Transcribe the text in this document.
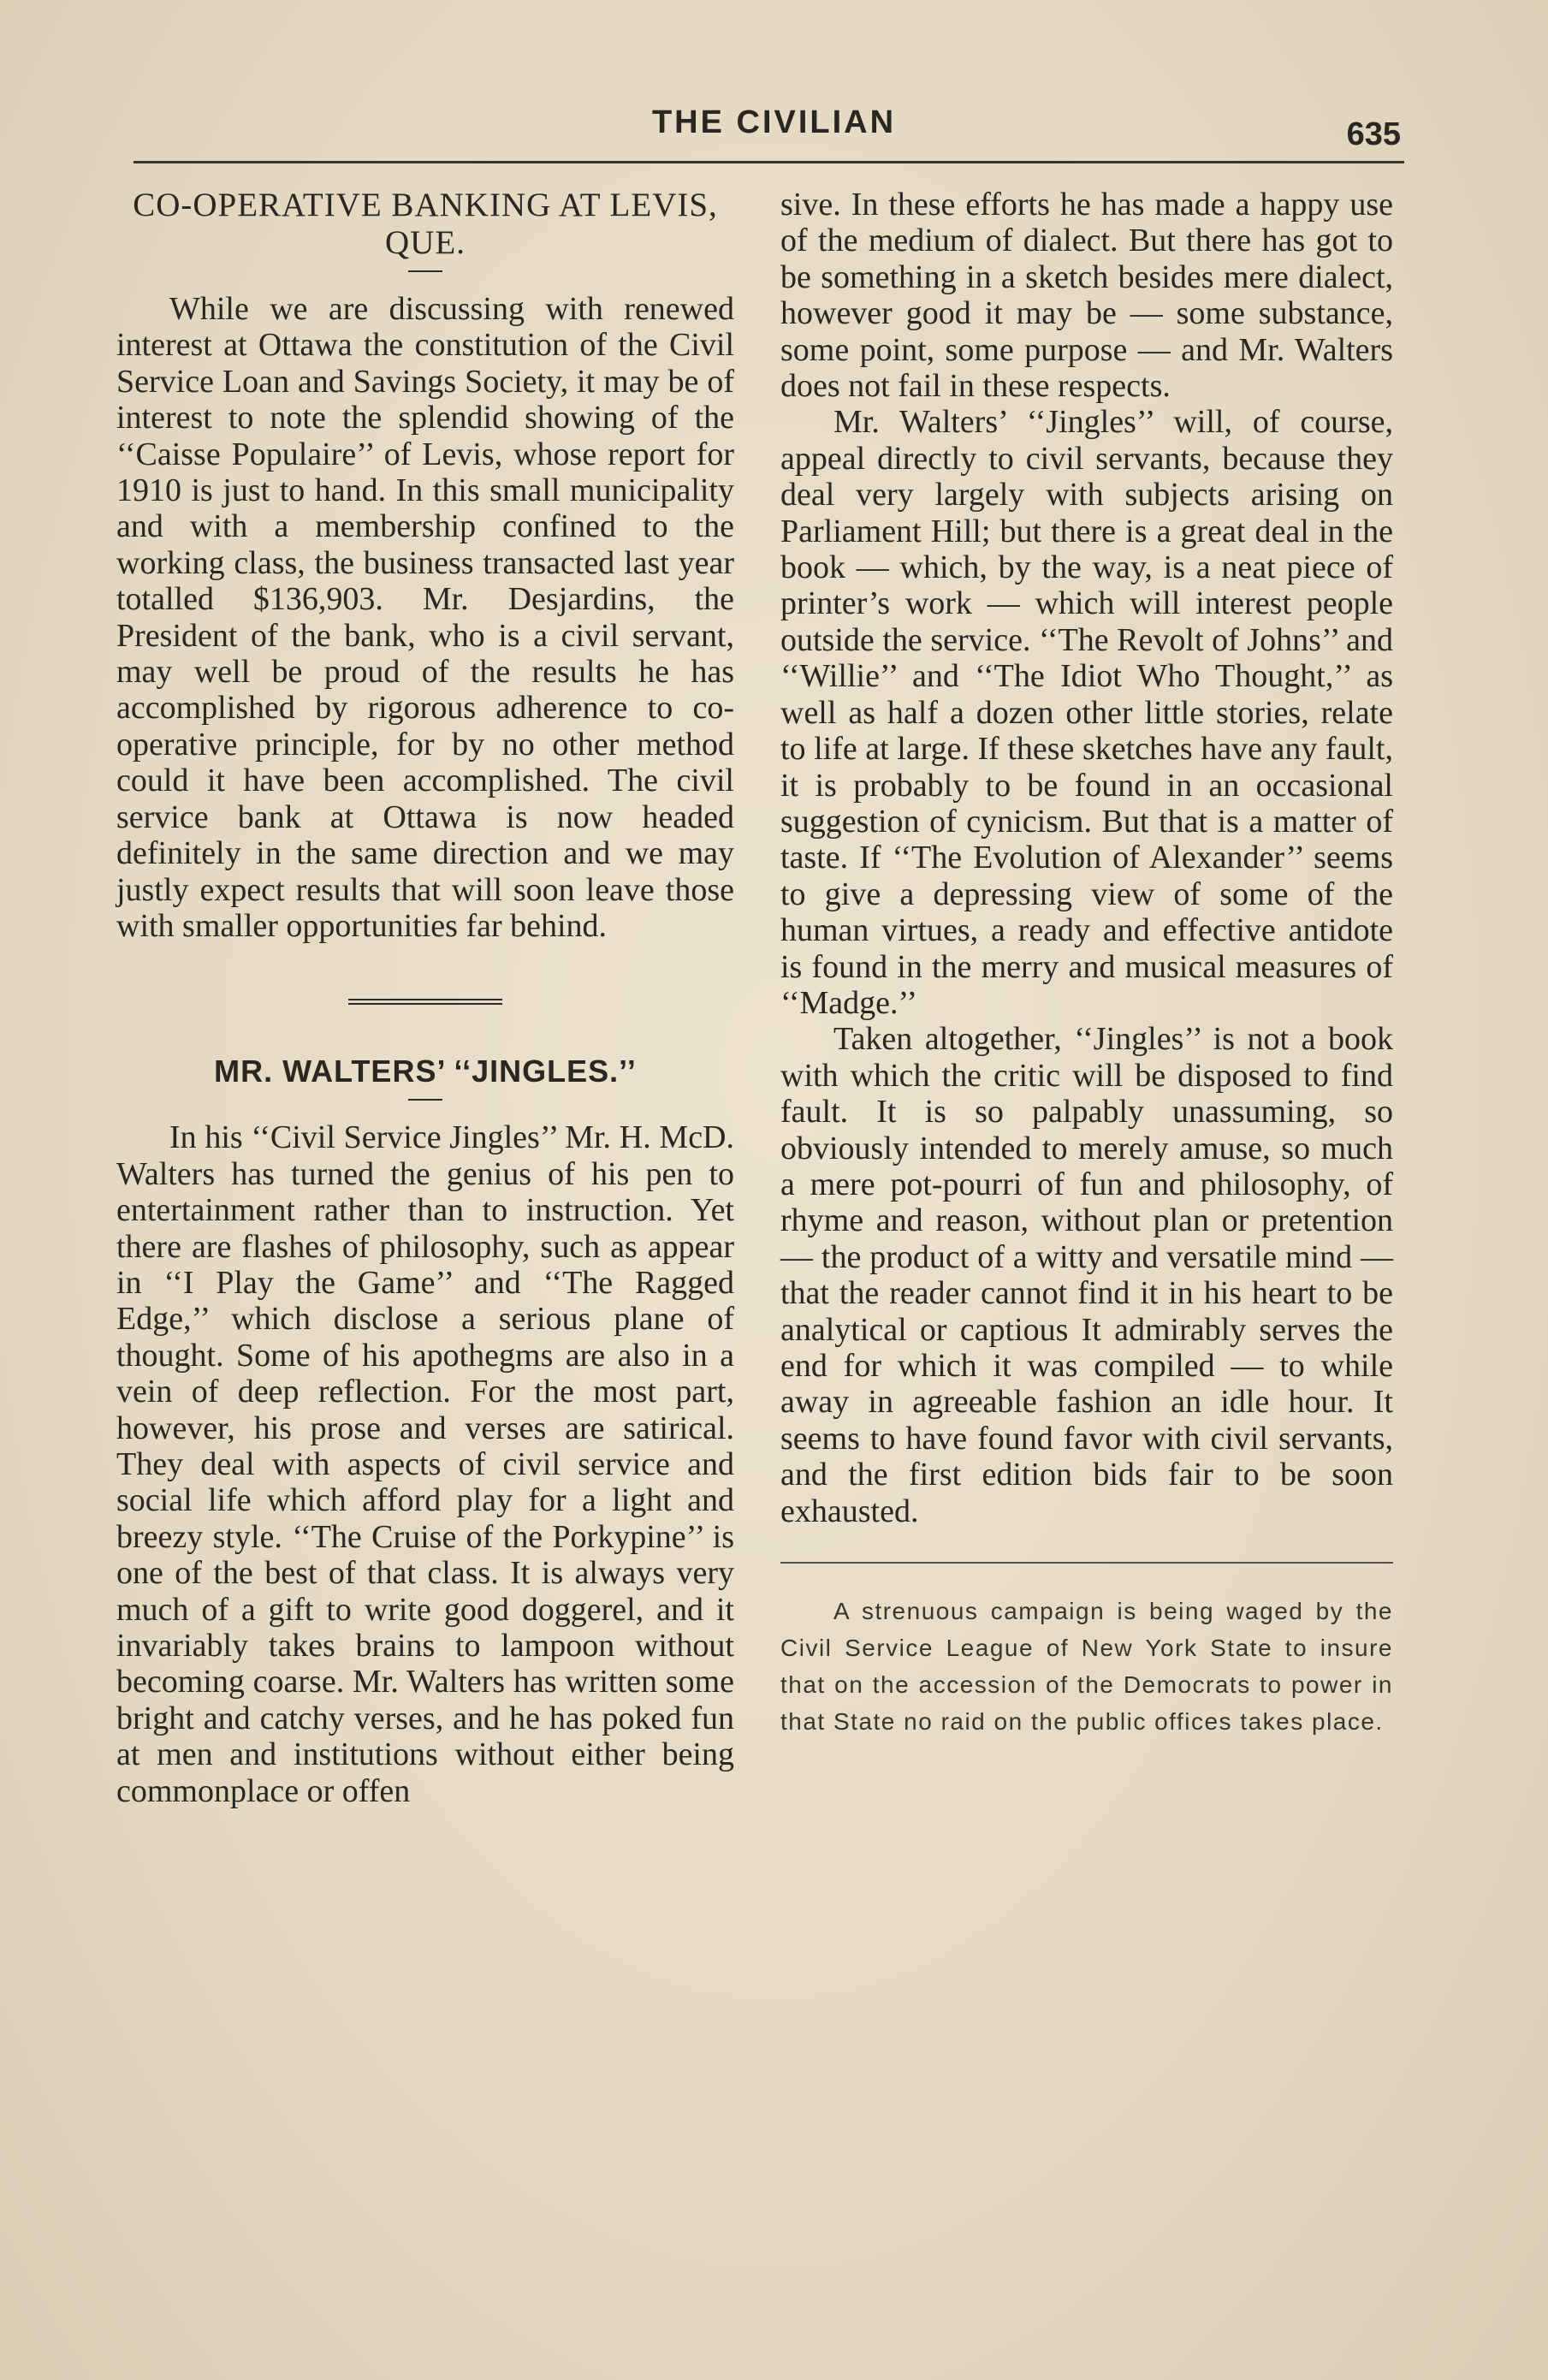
THE CIVILIAN	635
CO-OPERATIVE BANKING AT LEVIS, QUE.

While we are discussing with renewed interest at Ottawa the constitution of the Civil Service Loan and Savings Society, it may be of interest to note the splendid showing of the ‘‘Caisse Populaire’’ of Levis, whose report for 1910 is just to hand. In this small municipality and with a membership confined to the working class, the business transacted last year totalled $136,903. Mr. Desjardins, the President of the bank, who is a civil servant, may well be proud of the results he has accomplished by rigorous adherence to co-operative principle, for by no other method could it have been accomplished. The civil service bank at Ottawa is now headed definitely in the same direction and we may justly expect results that will soon leave those with smaller opportunities far behind.

MR. WALTERS’ ‘‘JINGLES.’’

In his ‘‘Civil Service Jingles’’ Mr. H. McD. Walters has turned the genius of his pen to entertainment rather than to instruction. Yet there are flashes of philosophy, such as appear in ‘‘I Play the Game’’ and ‘‘The Ragged Edge,’’ which disclose a serious plane of thought. Some of his apothegms are also in a vein of deep reflection. For the most part, however, his prose and verses are satirical. They deal with aspects of civil service and social life which afford play for a light and breezy style. ‘‘The Cruise of the Porkypine’’ is one of the best of that class. It is always very much of a gift to write good doggerel, and it invariably takes brains to lampoon without becoming coarse. Mr. Walters has written some bright and catchy verses, and he has poked fun at men and institutions without either being commonplace or offen

sive. In these efforts he has made a happy use of the medium of dialect. But there has got to be something in a sketch besides mere dialect, however good it may be — some substance, some point, some purpose — and Mr. Walters does not fail in these respects.

Mr. Walters’ ‘‘Jingles’’ will, of course, appeal directly to civil servants, because they deal very largely with subjects arising on Parliament Hill; but there is a great deal in the book — which, by the way, is a neat piece of printer’s work — which will interest people outside the service. ‘‘The Revolt of Johns’’ and ‘‘Willie’’ and ‘‘The Idiot Who Thought,’’ as well as half a dozen other little stories, relate to life at large. If these sketches have any fault, it is probably to be found in an occasional suggestion of cynicism. But that is a matter of taste. If ‘‘The Evolution of Alexander’’ seems to give a depressing view of some of the human virtues, a ready and effective antidote is found in the merry and musical measures of ‘‘Madge.’’

Taken altogether, ‘‘Jingles’’ is not a book with which the critic will be disposed to find fault. It is so palpably unassuming, so obviously intended to merely amuse, so much a mere pot-pourri of fun and philosophy, of rhyme and reason, without plan or pretention — the product of a witty and versatile mind — that the reader cannot find it in his heart to be analytical or captious It admirably serves the end for which it was compiled — to while away in agreeable fashion an idle hour. It seems to have found favor with civil servants, and the first edition bids fair to be soon exhausted.

A strenuous campaign is being waged by the Civil Service League of New York State to insure that on the accession of the Democrats to power in that State no raid on the public offices takes place.
